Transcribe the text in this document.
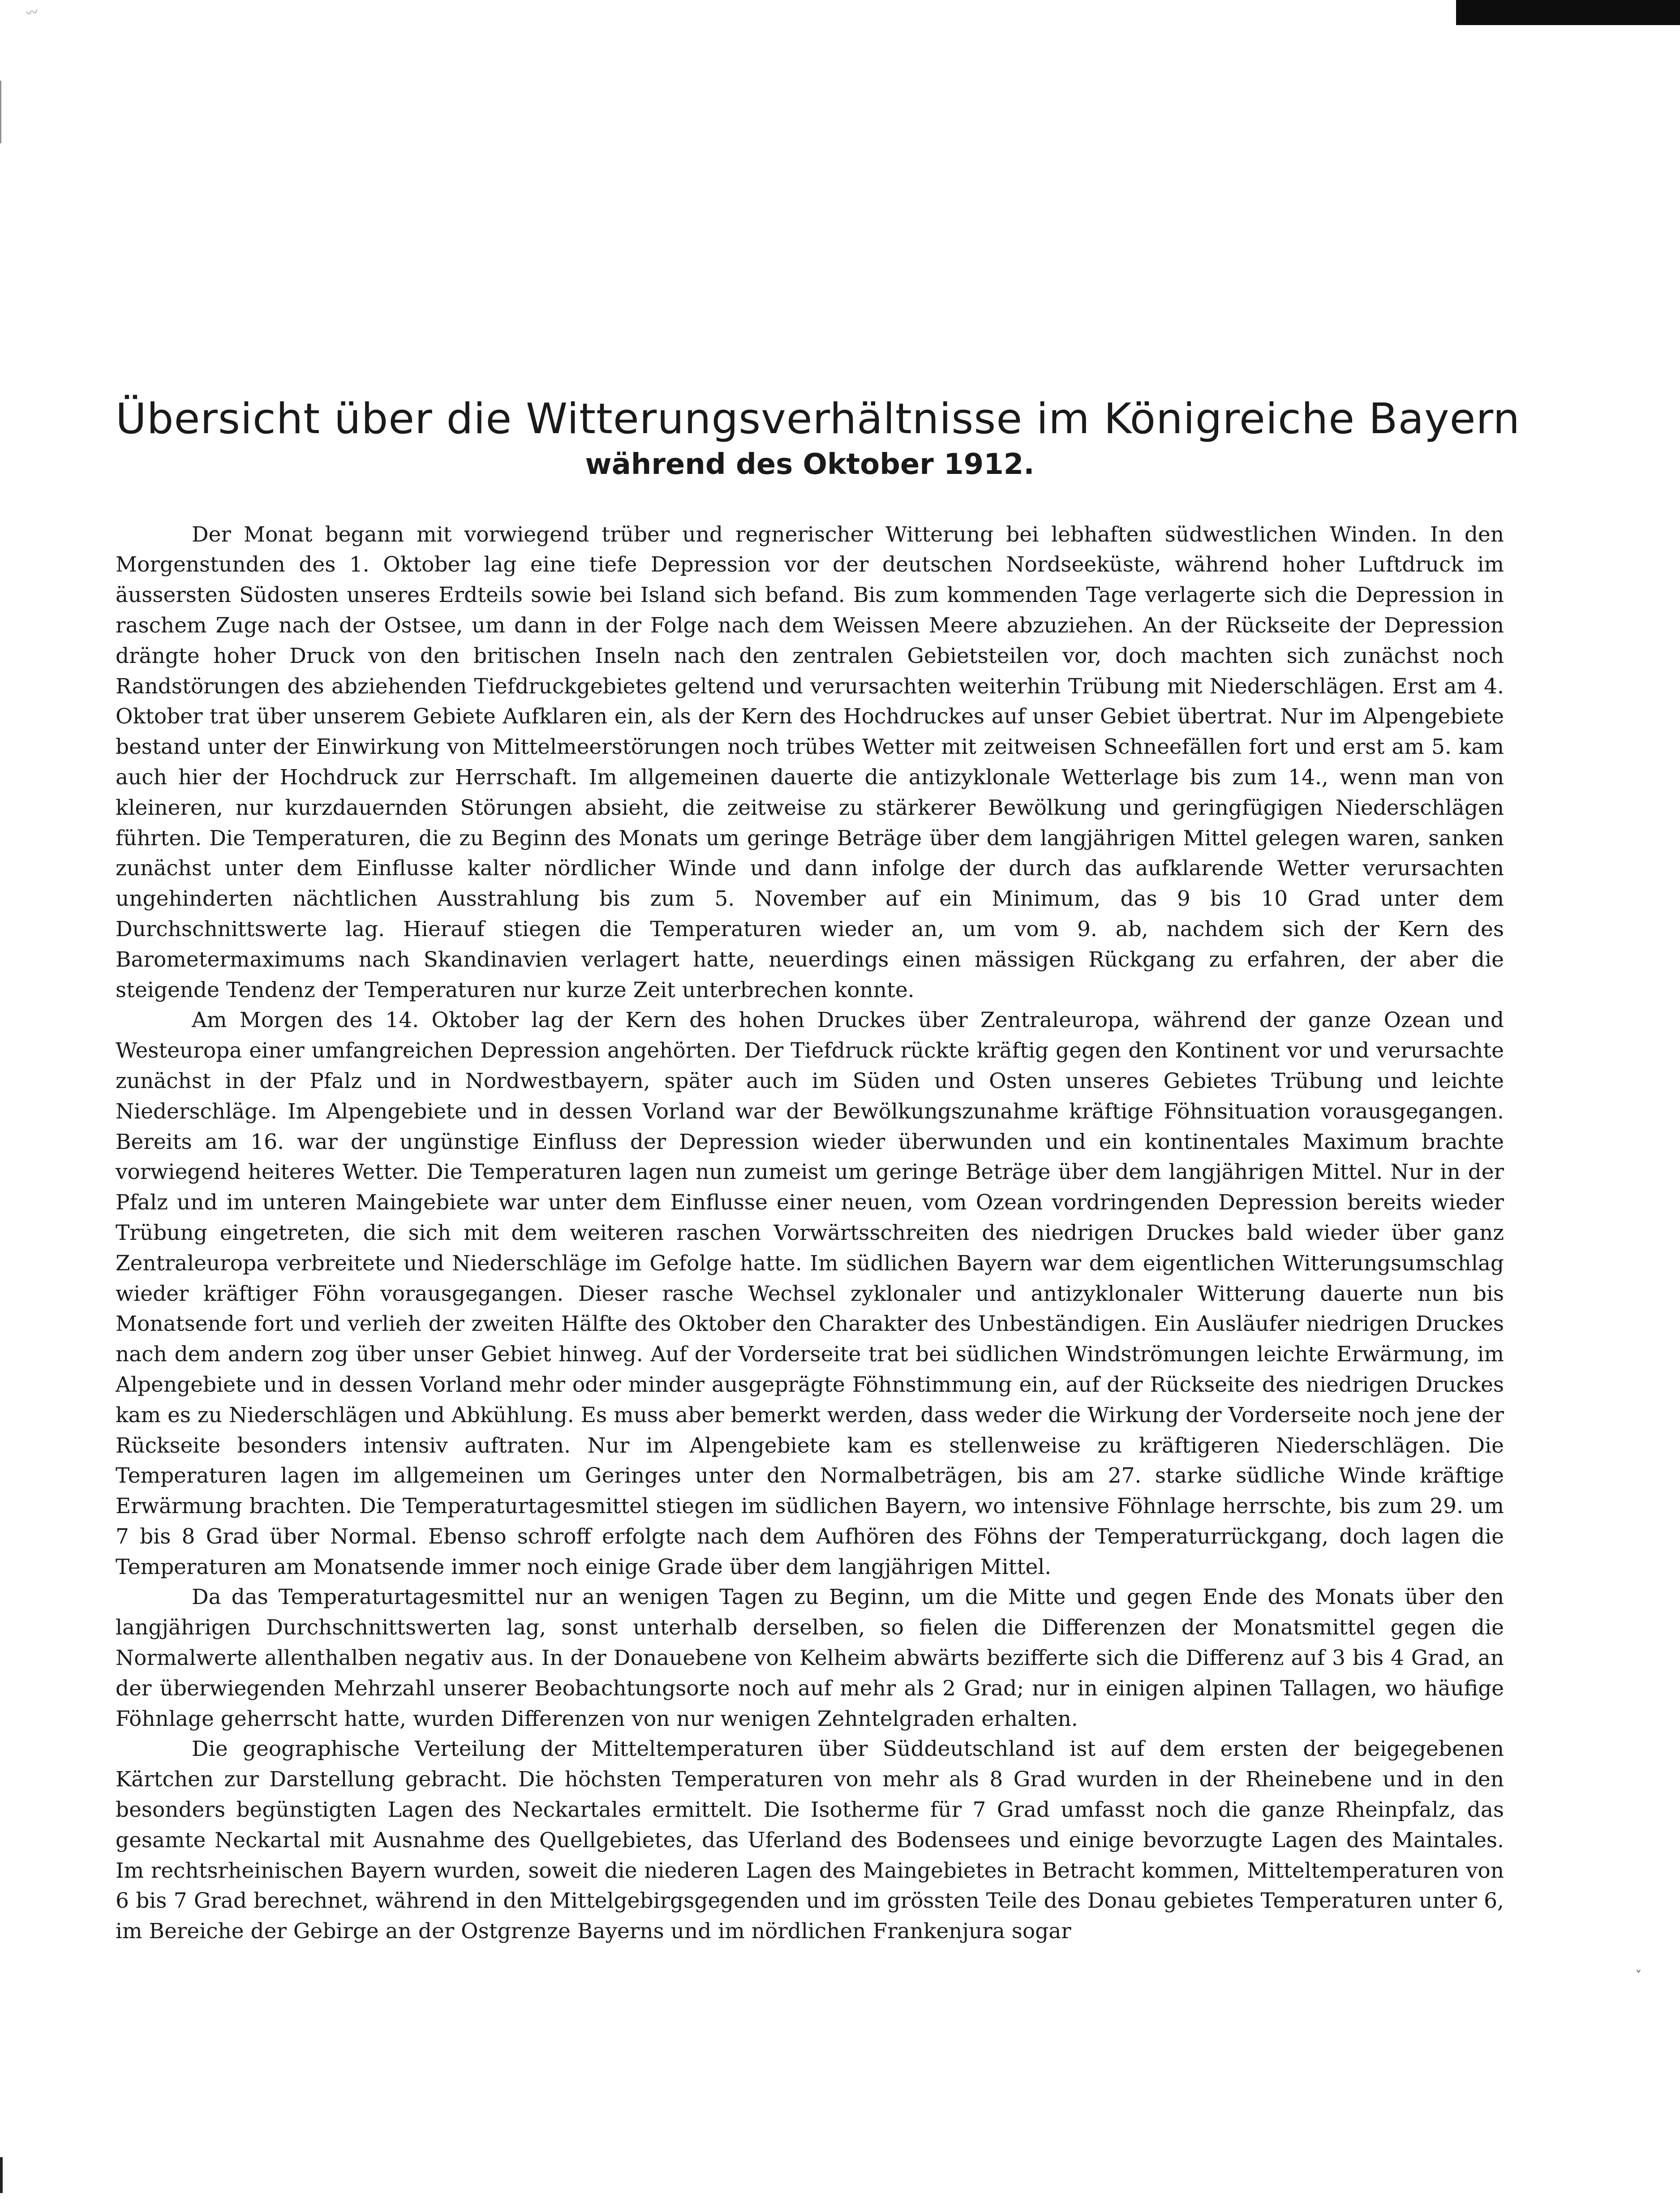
〰
ˇ
Übersicht über die Witterungsverhältnisse im Königreiche Bayern
während des Oktober 1912.

Der Monat begann mit vorwiegend trüber und regnerischer Witterung bei lebhaften südwestlichen Winden. In den Morgenstunden des 1. Oktober lag eine tiefe Depression vor der deutschen Nordseeküste, während hoher Luftdruck im äussersten Südosten unseres Erdteils sowie bei Island sich befand. Bis zum kommenden Tage verlagerte sich die Depression in raschem Zuge nach der Ostsee, um dann in der Folge nach dem Weissen Meere abzuziehen. An der Rückseite der Depression drängte hoher Druck von den britischen Inseln nach den zentralen Gebietsteilen vor, doch machten sich zunächst noch Randstörungen des abziehenden Tiefdruckgebietes geltend und verursachten weiterhin Trübung mit Niederschlägen. Erst am 4. Oktober trat über unserem Gebiete Aufklaren ein, als der Kern des Hochdruckes auf unser Gebiet übertrat. Nur im Alpengebiete bestand unter der Einwirkung von Mittelmeerstörungen noch trübes Wetter mit zeitweisen Schneefällen fort und erst am 5. kam auch hier der Hochdruck zur Herrschaft. Im allgemeinen dauerte die antizyklonale Wetterlage bis zum 14., wenn man von kleineren, nur kurzdauernden Störungen absieht, die zeitweise zu stärkerer Bewölkung und geringfügigen Niederschlägen führten. Die Temperaturen, die zu Beginn des Monats um geringe Beträge über dem langjährigen Mittel gelegen waren, sanken zunächst unter dem Einflusse kalter nördlicher Winde und dann infolge der durch das aufklarende Wetter verursachten ungehinderten nächtlichen Ausstrahlung bis zum 5. November auf ein Minimum, das 9 bis 10 Grad unter dem Durchschnittswerte lag. Hierauf stiegen die Temperaturen wieder an, um vom 9. ab, nachdem sich der Kern des Barometermaximums nach Skandinavien verlagert hatte, neuerdings einen mässigen Rückgang zu erfahren, der aber die steigende Tendenz der Temperaturen nur kurze Zeit unterbrechen konnte.

Am Morgen des 14. Oktober lag der Kern des hohen Druckes über Zentraleuropa, während der ganze Ozean und Westeuropa einer umfangreichen Depression angehörten. Der Tiefdruck rückte kräftig gegen den Kontinent vor und verursachte zunächst in der Pfalz und in Nordwestbayern, später auch im Süden und Osten unseres Gebietes Trübung und leichte Niederschläge. Im Alpengebiete und in dessen Vorland war der Bewölkungszunahme kräftige Föhnsituation vorausgegangen. Bereits am 16. war der ungünstige Einfluss der Depression wieder überwunden und ein kontinentales Maximum brachte vorwiegend heiteres Wetter. Die Temperaturen lagen nun zumeist um geringe Beträge über dem langjährigen Mittel. Nur in der Pfalz und im unteren Maingebiete war unter dem Einflusse einer neuen, vom Ozean vordringenden Depression bereits wieder Trübung eingetreten, die sich mit dem weiteren raschen Vorwärtsschreiten des niedrigen Druckes bald wieder über ganz Zentraleuropa verbreitete und Niederschläge im Gefolge hatte. Im südlichen Bayern war dem eigentlichen Witterungsumschlag wieder kräftiger Föhn vorausgegangen. Dieser rasche Wechsel zyklonaler und antizyklonaler Witterung dauerte nun bis Monatsende fort und verlieh der zweiten Hälfte des Oktober den Charakter des Unbeständigen. Ein Ausläufer niedrigen Druckes nach dem andern zog über unser Gebiet hinweg. Auf der Vorderseite trat bei südlichen Windströmungen leichte Erwärmung, im Alpengebiete und in dessen Vorland mehr oder minder ausgeprägte Föhnstimmung ein, auf der Rückseite des niedrigen Druckes kam es zu Niederschlägen und Abkühlung. Es muss aber bemerkt werden, dass weder die Wirkung der Vorderseite noch jene der Rückseite besonders intensiv auftraten. Nur im Alpengebiete kam es stellenweise zu kräftigeren Niederschlägen. Die Temperaturen lagen im allgemeinen um Geringes unter den Normalbeträgen, bis am 27. starke südliche Winde kräftige Erwärmung brachten. Die Temperaturtagesmittel stiegen im südlichen Bayern, wo intensive Föhnlage herrschte, bis zum 29. um 7 bis 8 Grad über Normal. Ebenso schroff erfolgte nach dem Aufhören des Föhns der Temperaturrückgang, doch lagen die Temperaturen am Monatsende immer noch einige Grade über dem langjährigen Mittel.

Da das Temperaturtagesmittel nur an wenigen Tagen zu Beginn, um die Mitte und gegen Ende des Monats über den langjährigen Durchschnittswerten lag, sonst unterhalb derselben, so fielen die Differenzen der Monatsmittel gegen die Normalwerte allenthalben negativ aus. In der Donauebene von Kelheim abwärts bezifferte sich die Differenz auf 3 bis 4 Grad, an der überwiegenden Mehrzahl unserer Beobachtungsorte noch auf mehr als 2 Grad; nur in einigen alpinen Tallagen, wo häufige Föhnlage geherrscht hatte, wurden Differenzen von nur wenigen Zehntelgraden erhalten.

Die geographische Verteilung der Mitteltemperaturen über Süddeutschland ist auf dem ersten der beigegebenen Kärtchen zur Darstellung gebracht. Die höchsten Temperaturen von mehr als 8 Grad wurden in der Rheinebene und in den besonders begünstigten Lagen des Neckartales ermittelt. Die Isotherme für 7 Grad umfasst noch die ganze Rheinpfalz, das gesamte Neckartal mit Ausnahme des Quellgebietes, das Uferland des Bodensees und einige bevorzugte Lagen des Maintales. Im rechtsrheinischen Bayern wurden, soweit die niederen Lagen des Maingebietes in Betracht kommen, Mitteltemperaturen von 6 bis 7 Grad berechnet, während in den Mittelgebirgsgegenden und im grössten Teile des Donau gebietes Temperaturen unter 6, im Bereiche der Gebirge an der Ostgrenze Bayerns und im nördlichen Frankenjura sogar
